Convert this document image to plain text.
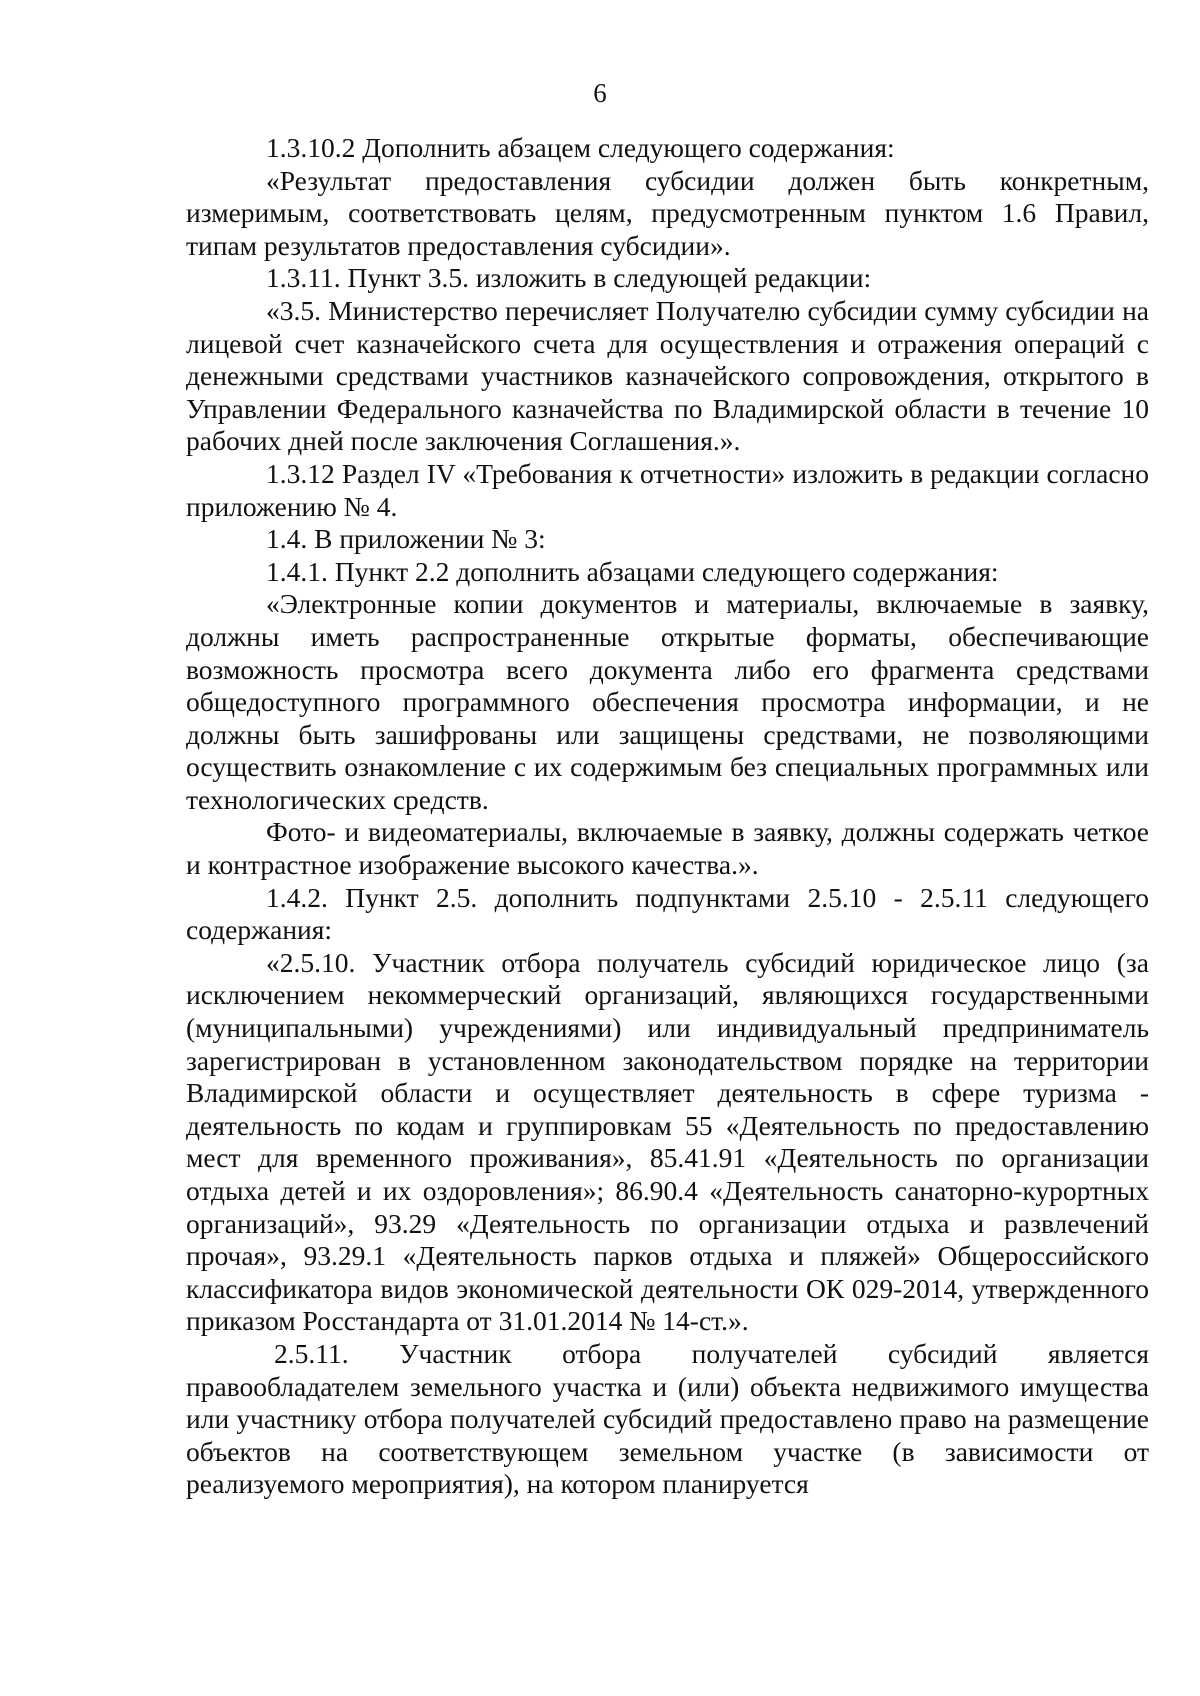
6

1.3.10.2 Дополнить абзацем следующего содержания:

«Результат предоставления субсидии должен быть конкретным, измеримым, соответствовать целям, предусмотренным пунктом 1.6 Правил, типам результатов предоставления субсидии».

1.3.11. Пункт 3.5. изложить в следующей редакции:

«3.5. Министерство перечисляет Получателю субсидии сумму субсидии на лицевой счет казначейского счета для осуществления и отражения операций с денежными средствами участников казначейского сопровождения, открытого в Управлении Федерального казначейства по Владимирской области в течение 10 рабочих дней после заключения Соглашения.».

1.3.12 Раздел IV «Требования к отчетности» изложить в редакции согласно приложению № 4.

1.4. В приложении № 3:

1.4.1. Пункт 2.2 дополнить абзацами следующего содержания:

«Электронные копии документов и материалы, включаемые в заявку, должны иметь распространенные открытые форматы, обеспечивающие возможность просмотра всего документа либо его фрагмента средствами общедоступного программного обеспечения просмотра информации, и не должны быть зашифрованы или защищены средствами, не позволяющими осуществить ознакомление с их содержимым без специальных программных или технологических средств.

Фото- и видеоматериалы, включаемые в заявку, должны содержать четкое и контрастное изображение высокого качества.».

1.4.2. Пункт 2.5. дополнить подпунктами 2.5.10 - 2.5.11 следующего содержания:

«2.5.10. Участник отбора получатель субсидий юридическое лицо (за исключением некоммерческий организаций, являющихся государственными (муниципальными) учреждениями) или индивидуальный предприниматель зарегистрирован в установленном законодательством порядке на территории Владимирской области и осуществляет деятельность в сфере туризма - деятельность по кодам и группировкам 55 «Деятельность по предоставлению мест для временного проживания», 85.41.91 «Деятельность по организации отдыха детей и их оздоровления»; 86.90.4 «Деятельность санаторно-курортных организаций», 93.29 «Деятельность по организации отдыха и развлечений прочая», 93.29.1 «Деятельность парков отдыха и пляжей» Общероссийского классификатора видов экономической деятельности ОК 029-2014, утвержденного приказом Росстандарта от 31.01.2014 № 14-ст.».

2.5.11. Участник отбора получателей субсидий является правообладателем земельного участка и (или) объекта недвижимого имущества или участнику отбора получателей субсидий предоставлено право на размещение объектов на соответствующем земельном участке (в зависимости от реализуемого мероприятия), на котором планируется
